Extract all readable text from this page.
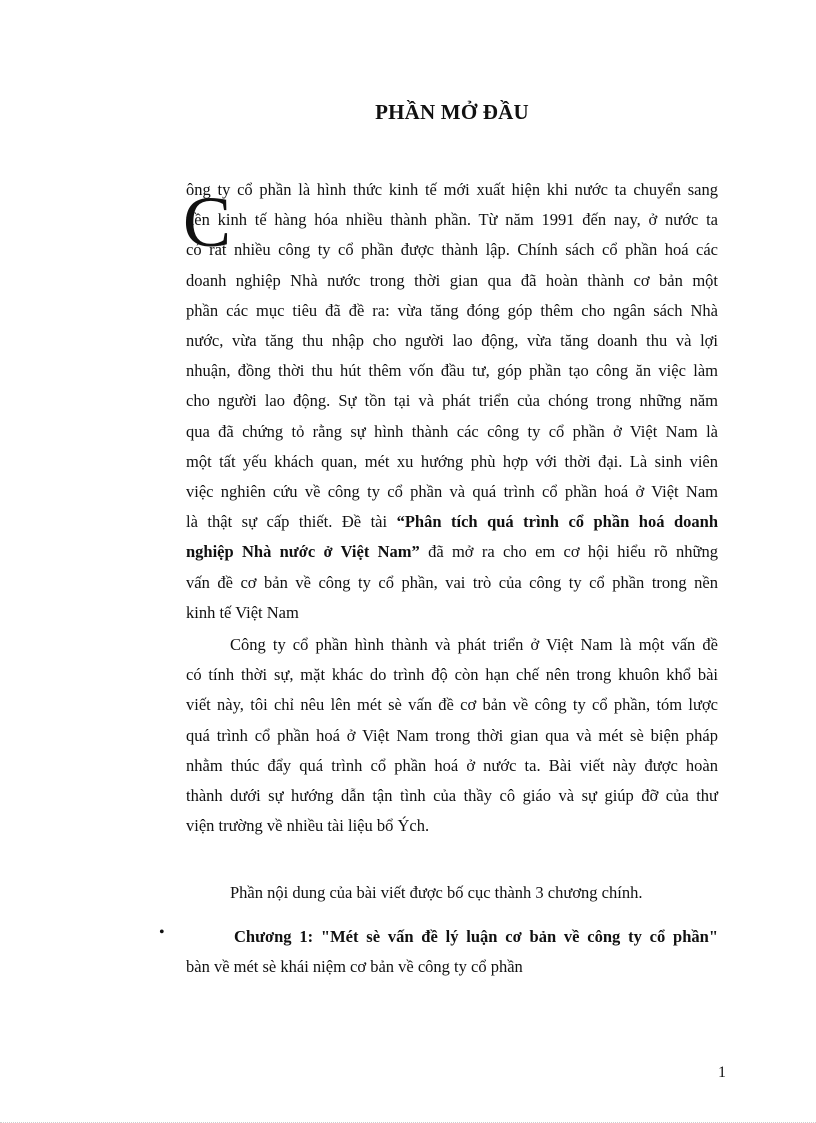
PHẦN MỞ ĐẦU
C
ông ty cổ phần là hình thức kinh tế mới xuất hiện khi nước ta chuyển sang
nền kinh tế hàng hóa nhiều thành phần. Từ năm 1991 đến nay, ở nước ta
có rất nhiều công ty cổ phần được thành lập. Chính sách cổ phần hoá các
doanh nghiệp Nhà nước trong thời gian qua đã hoàn thành cơ bản một
phần các mục tiêu đã đề ra: vừa tăng đóng góp thêm cho ngân sách Nhà
nước, vừa tăng thu nhập cho người lao động, vừa tăng doanh thu và lợi
nhuận, đồng thời thu hút thêm vốn đầu tư, góp phần tạo công ăn việc làm
cho người lao động. Sự tồn tại và phát triển của chóng trong những năm
qua đã chứng tỏ rằng sự hình thành các công ty cổ phần ở Việt Nam là
một tất yếu khách quan, mét xu hướng phù hợp với thời đại. Là sinh viên
việc nghiên cứu về công ty cổ phần và quá trình cổ phần hoá ở Việt Nam
là thật sự cấp thiết. Đề tài “Phân tích quá trình cổ phần hoá doanh
nghiệp Nhà nước ở Việt Nam” đã mở ra cho em cơ hội hiểu rõ những
vấn đề cơ bản về công ty cổ phần, vai trò của công ty cổ phần trong nền
kinh tế Việt Nam
Công ty cổ phần hình thành và phát triển ở Việt Nam là một vấn đề
có tính thời sự, mặt khác do trình độ còn hạn chế nên trong khuôn khổ bài
viết này, tôi chỉ nêu lên mét sè vấn đề cơ bản về công ty cổ phần, tóm lược
quá trình cổ phần hoá ở Việt Nam trong thời gian qua và mét sè biện pháp
nhằm thúc đẩy quá trình cổ phần hoá ở nước ta. Bài viết này được hoàn
thành dưới sự hướng dẫn tận tình của thầy cô giáo và sự giúp đỡ của thư
viện trường về nhiều tài liệu bổ Ých.
Phần nội dung của bài viết được bố cục thành 3 chương chính.
•	Chương 1: "Mét sè vấn đề lý luận cơ bản về công ty cổ phần"
bàn về mét sè khái niệm cơ bản về công ty cổ phần
1
